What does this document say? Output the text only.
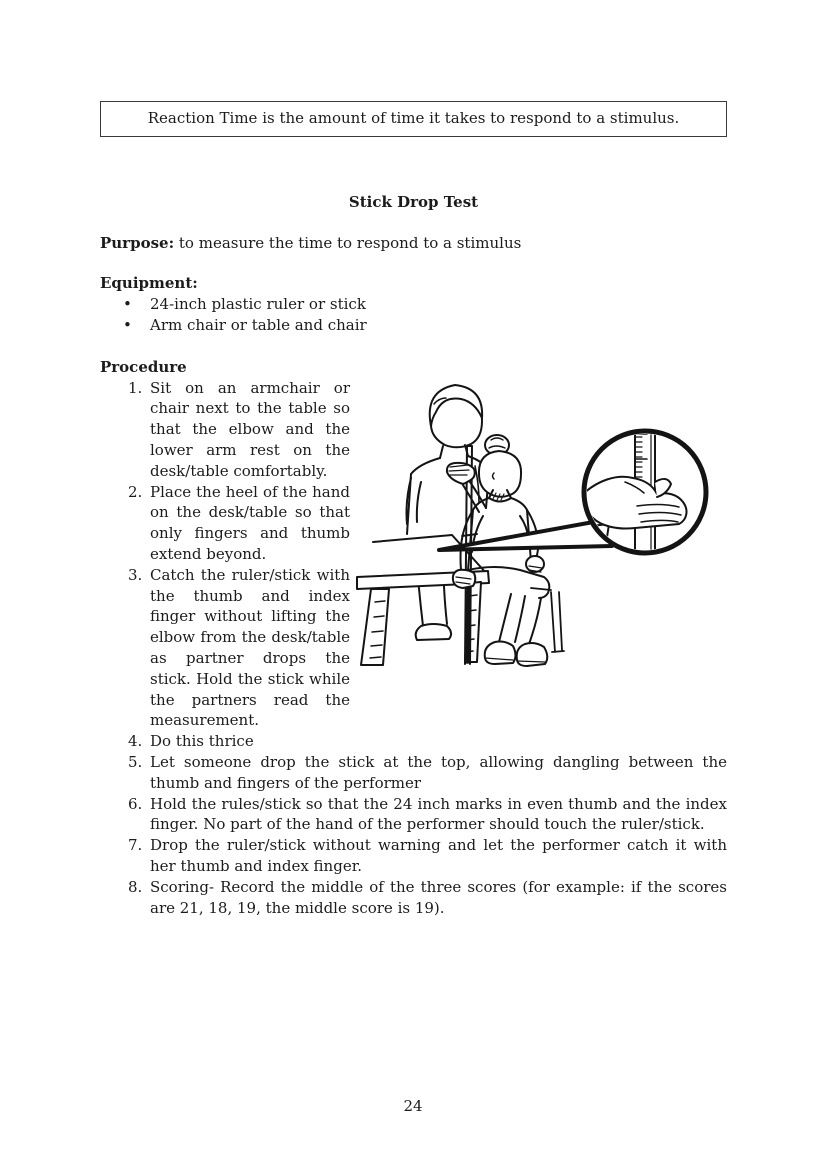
Reaction Time is the amount of time it takes to respond to a stimulus.
Stick Drop Test
Purpose: to measure the time to respond to a stimulus
Equipment:
• 24-inch plastic ruler or stick
• Arm chair or table and chair
Procedure
1. Sit on an armchair or chair next to the table so that the elbow and the lower arm rest on the desk/table comfortably.
2. Place the heel of the hand on the desk/table so that only fingers and thumb extend beyond.
3. Catch the ruler/stick with the thumb and index finger without lifting the elbow from the desk/table as partner drops the stick. Hold the stick while the partners read the measurement.
4. Do this thrice
5. Let someone drop the stick at the top, allowing dangling between the thumb and fingers of the performer
6. Hold the rules/stick so that the 24 inch marks in even thumb and the index finger. No part of the hand of the performer should touch the ruler/stick.
7. Drop the ruler/stick without warning and let the performer catch it with her thumb and index finger.
8. Scoring- Record the middle of the three scores (for example: if the scores are 21, 18, 19, the middle score is 19).
24
